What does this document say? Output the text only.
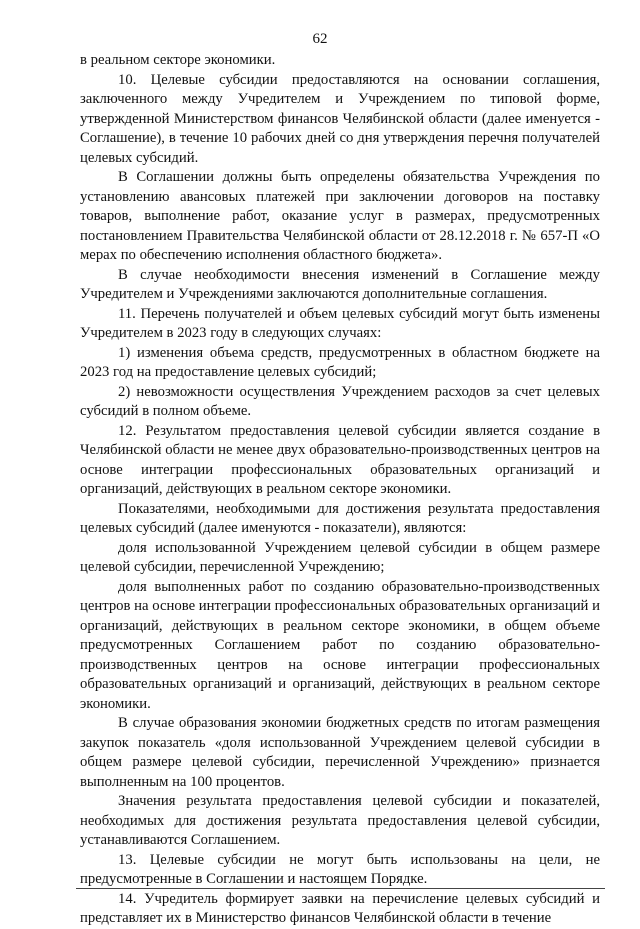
62

в реальном секторе экономики.

10. Целевые субсидии предоставляются на основании соглашения, заключенного между Учредителем и Учреждением по типовой форме, утвержденной Министерством финансов Челябинской области (далее именуется - Соглашение), в течение 10 рабочих дней со дня утверждения перечня получателей целевых субсидий.

В Соглашении должны быть определены обязательства Учреждения по установлению авансовых платежей при заключении договоров на поставку товаров, выполнение работ, оказание услуг в размерах, предусмотренных постановлением Правительства Челябинской области от 28.12.2018 г. № 657-П «О мерах по обеспечению исполнения областного бюджета».

В случае необходимости внесения изменений в Соглашение между Учредителем и Учреждениями заключаются дополнительные соглашения.

11. Перечень получателей и объем целевых субсидий могут быть изменены Учредителем в 2023 году в следующих случаях:

1) изменения объема средств, предусмотренных в областном бюджете на 2023 год на предоставление целевых субсидий;

2) невозможности осуществления Учреждением расходов за счет целевых субсидий в полном объеме.

12. Результатом предоставления целевой субсидии является создание в Челябинской области не менее двух образовательно-производственных центров на основе интеграции профессиональных образовательных организаций и организаций, действующих в реальном секторе экономики.

Показателями, необходимыми для достижения результата предоставления целевых субсидий (далее именуются - показатели), являются:

доля использованной Учреждением целевой субсидии в общем размере целевой субсидии, перечисленной Учреждению;

доля выполненных работ по созданию образовательно-производственных центров на основе интеграции профессиональных образовательных организаций и организаций, действующих в реальном секторе экономики, в общем объеме предусмотренных Соглашением работ по созданию образовательно-производственных центров на основе интеграции профессиональных образовательных организаций и организаций, действующих в реальном секторе экономики.

В случае образования экономии бюджетных средств по итогам размещения закупок показатель «доля использованной Учреждением целевой субсидии в общем размере целевой субсидии, перечисленной Учреждению» признается выполненным на 100 процентов.

Значения результата предоставления целевой субсидии и показателей, необходимых для достижения результата предоставления целевой субсидии, устанавливаются Соглашением.

13. Целевые субсидии не могут быть использованы на цели, не предусмотренные в Соглашении и настоящем Порядке.

14. Учредитель формирует заявки на перечисление целевых субсидий и представляет их в Министерство финансов Челябинской области в течение
